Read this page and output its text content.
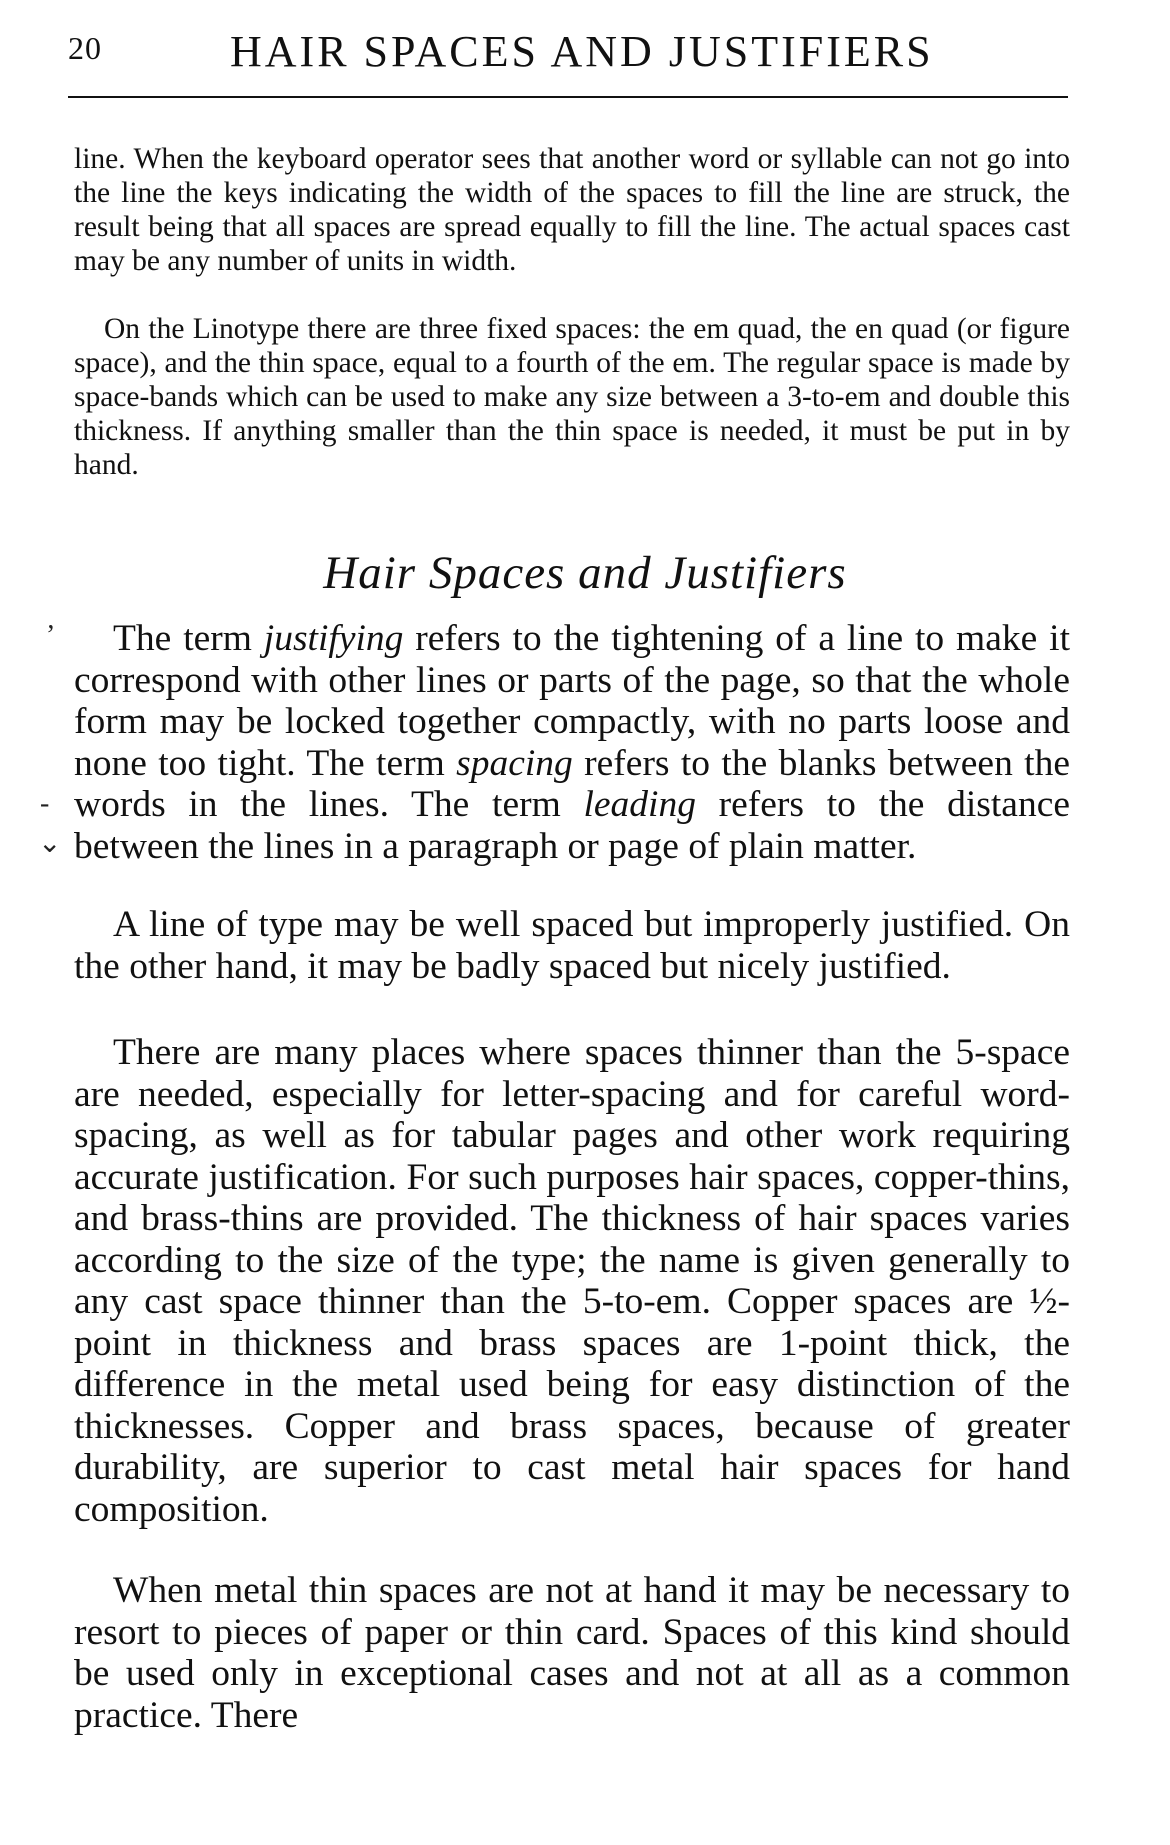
20	HAIR SPACES AND JUSTIFIERS
line. When the keyboard operator sees that another word or syllable can not go into the line the keys indicating the width of the spaces to fill the line are struck, the result being that all spaces are spread equally to fill the line. The actual spaces cast may be any number of units in width.
On the Linotype there are three fixed spaces: the em quad, the en quad (or figure space), and the thin space, equal to a fourth of the em. The regular space is made by space-bands which can be used to make any size between a 3-to-em and double this thickness. If anything smaller than the thin space is needed, it must be put in by hand.
Hair Spaces and Justifiers
The term justifying refers to the tightening of a line to make it correspond with other lines or parts of the page, so that the whole form may be locked together compactly, with no parts loose and none too tight. The term spacing refers to the blanks between the words in the lines. The term leading refers to the distance between the lines in a paragraph or page of plain matter.
A line of type may be well spaced but improperly justified. On the other hand, it may be badly spaced but nicely justified.
There are many places where spaces thinner than the 5-space are needed, especially for letter-spacing and for careful word-spacing, as well as for tabular pages and other work requiring accurate justification. For such purposes hair spaces, copper-thins, and brass-thins are provided. The thickness of hair spaces varies according to the size of the type; the name is given generally to any cast space thinner than the 5-to-em. Copper spaces are ½-point in thickness and brass spaces are 1-point thick, the difference in the metal used being for easy distinction of the thicknesses. Copper and brass spaces, because of greater durability, are superior to cast metal hair spaces for hand composition.
When metal thin spaces are not at hand it may be necessary to resort to pieces of paper or thin card. Spaces of this kind should be used only in exceptional cases and not at all as a common practice. There
ʼ
-
⌄
